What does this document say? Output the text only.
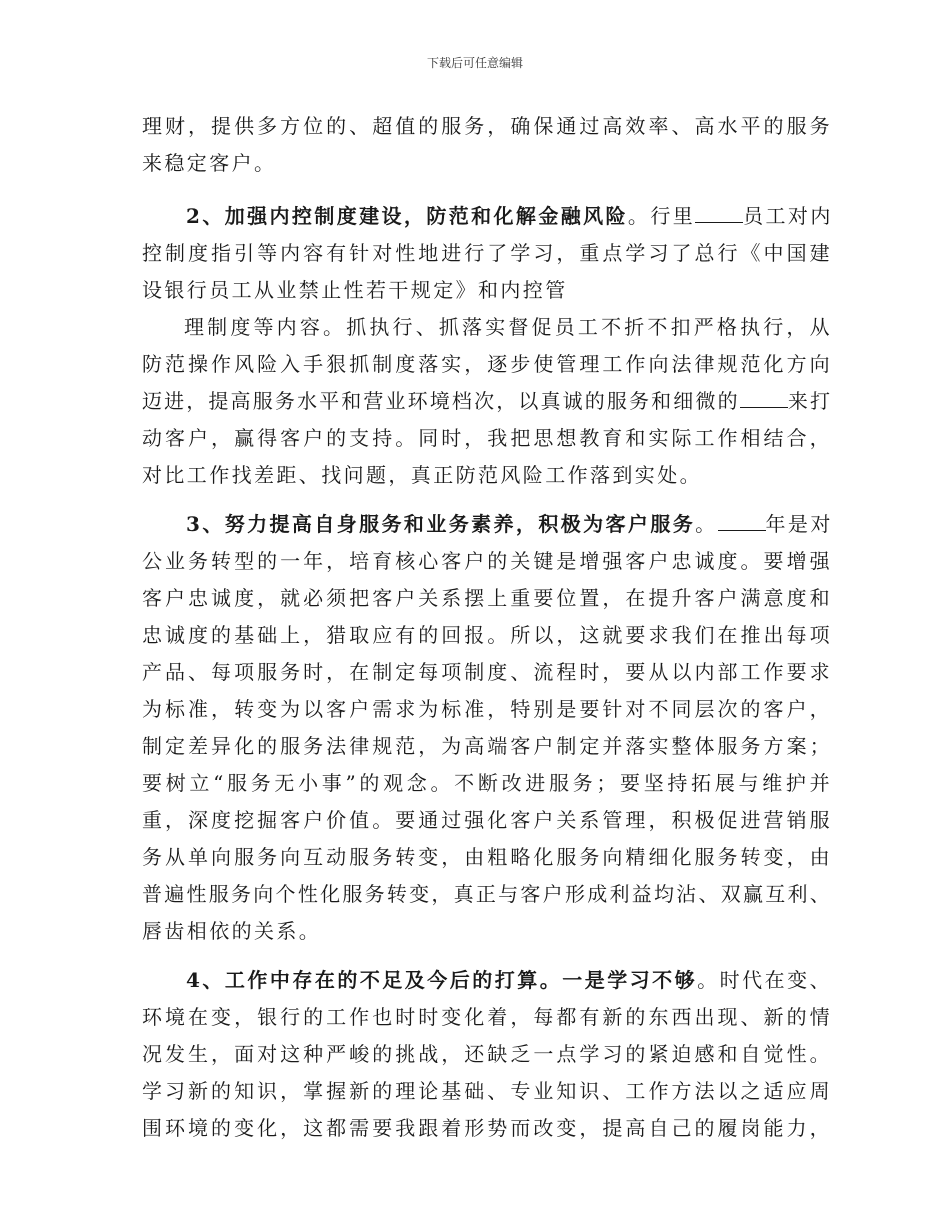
下载后可任意编辑
理财，提供多方位的、超值的服务，确保通过高效率、高水平的服务
来稳定客户。
2、加强内控制度建设，防范和化解金融风险。行里 员工对内
控制度指引等内容有针对性地进行了学习，重点学习了总行《中国建
设银行员工从业禁止性若干规定》和内控管
理制度等内容。抓执行、抓落实督促员工不折不扣严格执行，从
防范操作风险入手狠抓制度落实，逐步使管理工作向法律规范化方向
迈进，提高服务水平和营业环境档次，以真诚的服务和细微的 来打
动客户，赢得客户的支持。同时，我把思想教育和实际工作相结合，
对比工作找差距、找问题，真正防范风险工作落到实处。
3、努力提高自身服务和业务素养，积极为客户服务。 年是对
公业务转型的一年，培育核心客户的关键是增强客户忠诚度。要增强
客户忠诚度，就必须把客户关系摆上重要位置，在提升客户满意度和
忠诚度的基础上，猎取应有的回报。所以，这就要求我们在推出每项
产品、每项服务时，在制定每项制度、流程时，要从以内部工作要求
为标准，转变为以客户需求为标准，特别是要针对不同层次的客户，
制定差异化的服务法律规范，为高端客户制定并落实整体服务方案；
要树立“服务无小事”的观念。不断改进服务；要坚持拓展与维护并
重，深度挖掘客户价值。要通过强化客户关系管理，积极促进营销服
务从单向服务向互动服务转变，由粗略化服务向精细化服务转变，由
普遍性服务向个性化服务转变，真正与客户形成利益均沾、双赢互利、
唇齿相依的关系。
4、工作中存在的不足及今后的打算。一是学习不够。时代在变、
环境在变，银行的工作也时时变化着，每都有新的东西出现、新的情
况发生，面对这种严峻的挑战，还缺乏一点学习的紧迫感和自觉性。
学习新的知识，掌握新的理论基础、专业知识、工作方法以之适应周
围环境的变化，这都需要我跟着形势而改变，提高自己的履岗能力，
